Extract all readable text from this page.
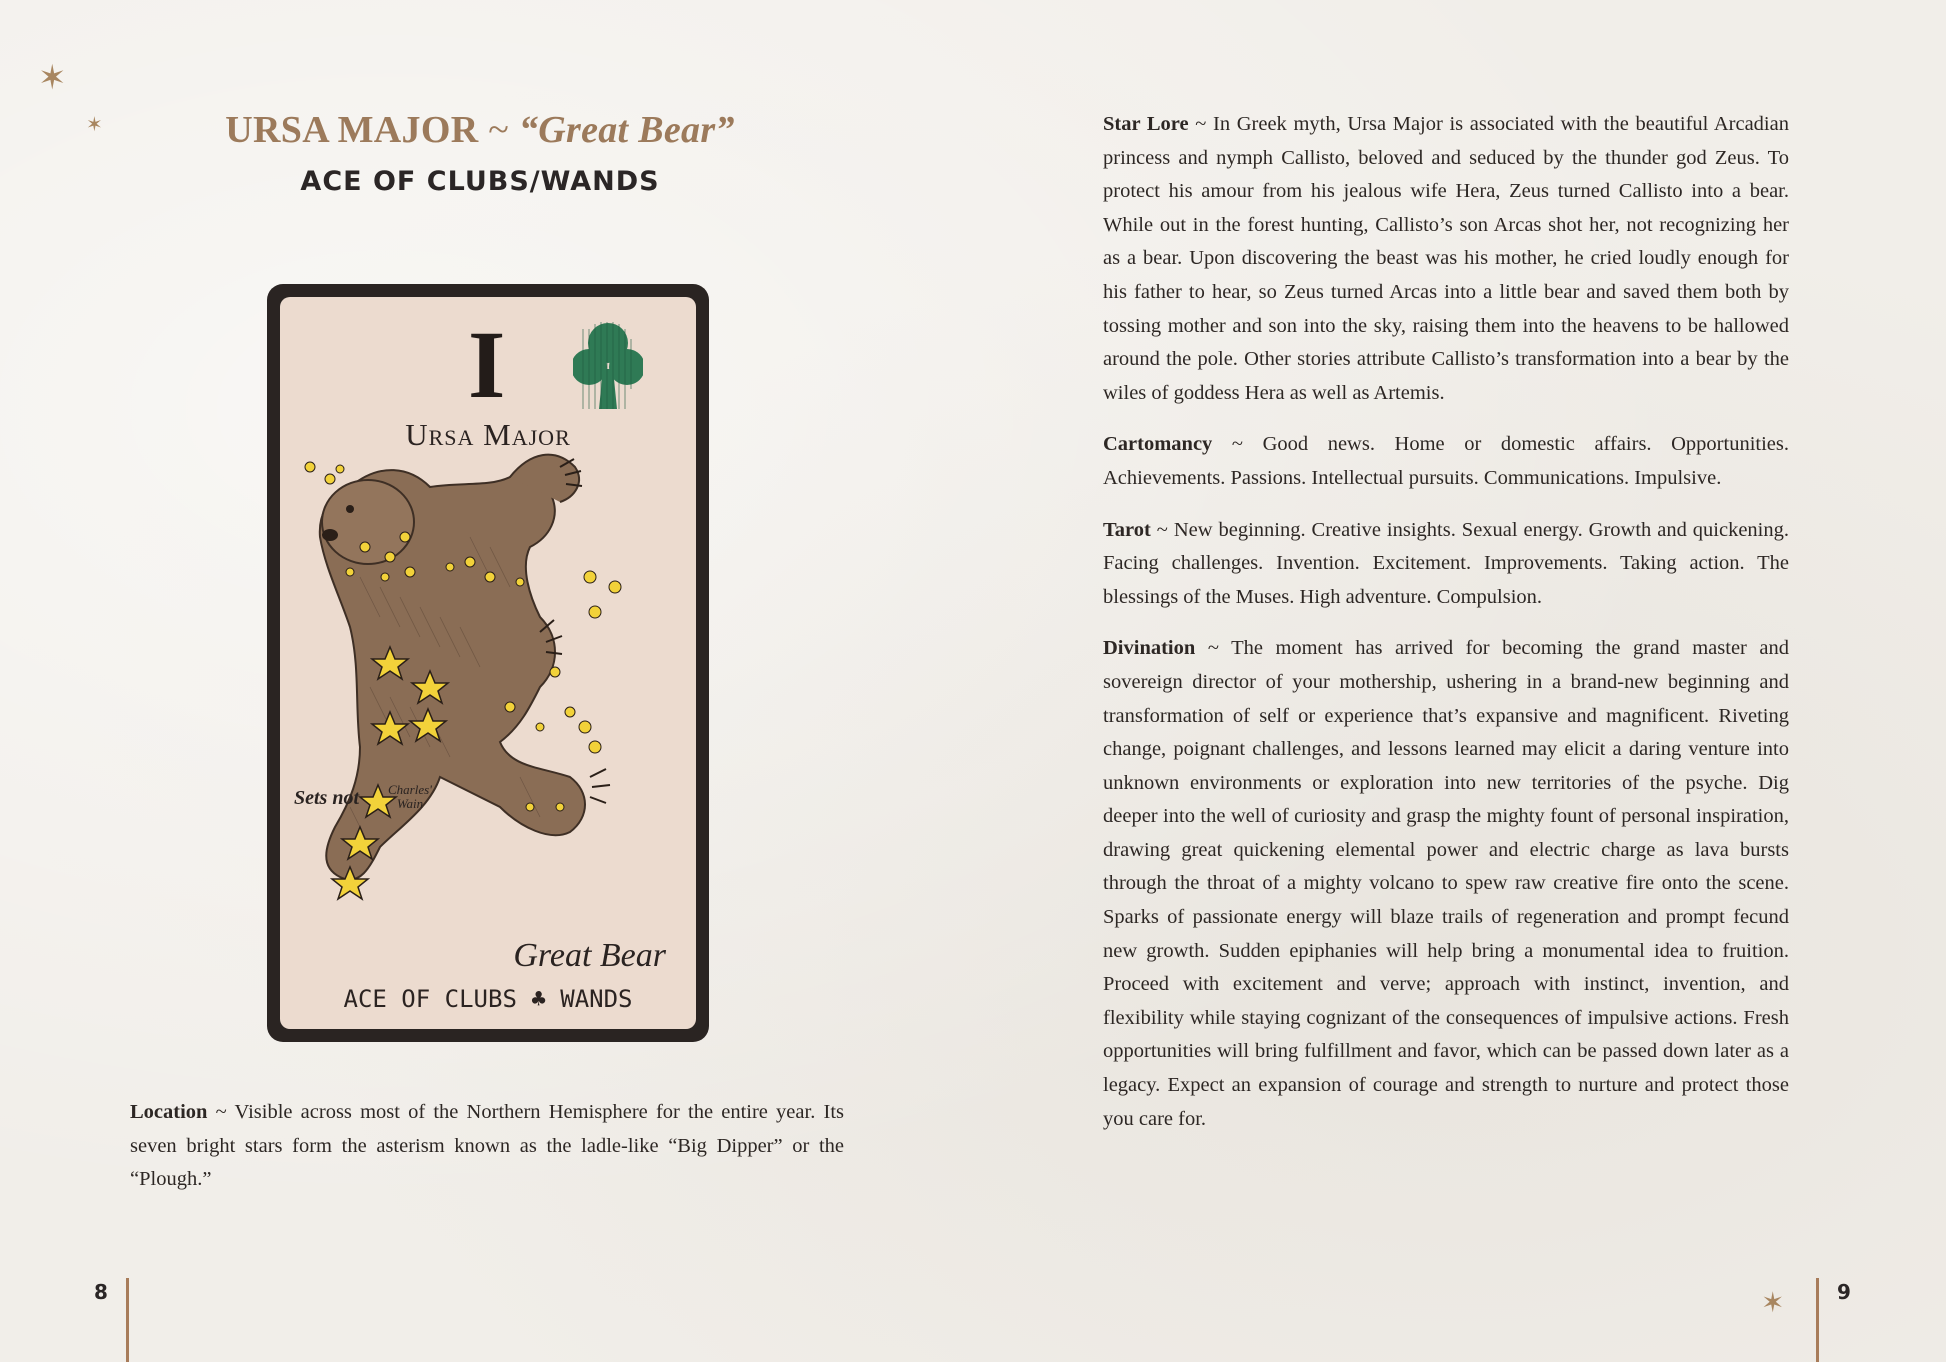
✶
✶	URSA MAJOR ~ “Great Bear”
ACE OF CLUBS/WANDS
I
Ursa Major
Sets not Charles'
Wain
Great Bear
ACE OF CLUBS ♣ WANDS

Location ~ Visible across most of the Northern Hemisphere for the entire year. Its seven bright stars form the asterism known as the ladle-like “Big Dipper” or the “Plough.”

8

Star Lore ~ In Greek myth, Ursa Major is associated with the beautiful Arcadian princess and nymph Callisto, beloved and seduced by the thunder god Zeus. To protect his amour from his jealous wife Hera, Zeus turned Callisto into a bear. While out in the forest hunting, Callisto’s son Arcas shot her, not recognizing her as a bear. Upon discovering the beast was his mother, he cried loudly enough for his father to hear, so Zeus turned Arcas into a little bear and saved them both by tossing mother and son into the sky, raising them into the heavens to be hallowed around the pole. Other stories attribute Callisto’s transformation into a bear by the wiles of goddess Hera as well as Artemis.

Cartomancy ~ Good news. Home or domestic affairs. Opportunities. Achievements. Passions. Intellectual pursuits. Communications. Impulsive.

Tarot ~ New beginning. Creative insights. Sexual energy. Growth and quickening. Facing challenges. Invention. Excitement. Improvements. Taking action. The blessings of the Muses. High adventure. Compulsion.

Divination ~ The moment has arrived for becoming the grand master and sovereign director of your mothership, ushering in a brand-new beginning and transformation of self or experience that’s expansive and magnificent. Riveting change, poignant challenges, and lessons learned may elicit a daring venture into unknown environments or exploration into new territories of the psyche. Dig deeper into the well of curiosity and grasp the mighty fount of personal inspiration, drawing great quickening elemental power and electric charge as lava bursts through the throat of a mighty volcano to spew raw creative fire onto the scene. Sparks of passionate energy will blaze trails of regeneration and prompt fecund new growth. Sudden epiphanies will help bring a monumental idea to fruition. Proceed with excitement and verve; approach with instinct, invention, and flexibility while staying cognizant of the consequences of impulsive actions. Fresh opportunities will bring fulfillment and favor, which can be passed down later as a legacy. Expect an expansion of courage and strength to nurture and protect those you care for.

✶	9
